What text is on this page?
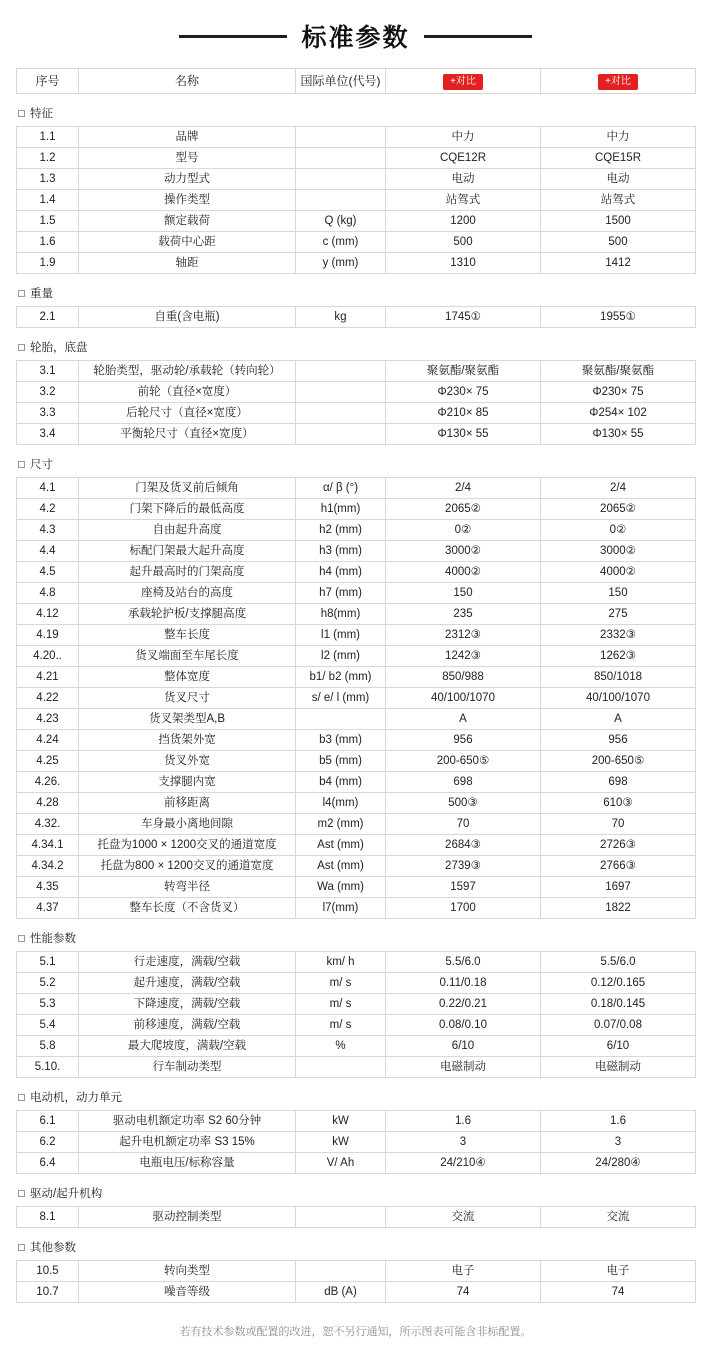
标准参数
序号	名称	国际单位(代号)	+对比	+对比
特征
1.1	品牌		中力	中力
1.2	型号		CQE12R	CQE15R
1.3	动力型式		电动	电动
1.4	操作类型		站驾式	站驾式
1.5	额定载荷	Q (kg)	1200	1500
1.6	载荷中心距	c (mm)	500	500
1.9	轴距	y (mm)	1310	1412
重量
2.1	自重(含电瓶)	kg	1745①	1955①
轮胎，底盘
3.1	轮胎类型，驱动轮/承载轮（转向轮）		聚氨酯/聚氨酯	聚氨酯/聚氨酯
3.2	前轮（直径×宽度）		Φ230× 75	Φ230× 75
3.3	后轮尺寸（直径×宽度）		Φ210× 85	Φ254× 102
3.4	平衡轮尺寸（直径×宽度）		Φ130× 55	Φ130× 55
尺寸
4.1	门架及货叉前后倾角	α/ β (°)	2/4	2/4
4.2	门架下降后的最低高度	h1(mm)	2065②	2065②
4.3	自由起升高度	h2 (mm)	0②	0②
4.4	标配门架最大起升高度	h3 (mm)	3000②	3000②
4.5	起升最高时的门架高度	h4 (mm)	4000②	4000②
4.8	座椅及站台的高度	h7 (mm)	150	150
4.12	承载轮护板/支撑腿高度	h8(mm)	235	275
4.19	整车长度	l1 (mm)	2312③	2332③
4.20..	货叉端面至车尾长度	l2 (mm)	1242③	1262③
4.21	整体宽度	b1/ b2 (mm)	850/988	850/1018
4.22	货叉尺寸	s/ e/ l (mm)	40/100/1070	40/100/1070
4.23	货叉架类型A,B		A	A
4.24	挡货架外宽	b3 (mm)	956	956
4.25	货叉外宽	b5 (mm)	200-650⑤	200-650⑤
4.26.	支撑腿内宽	b4 (mm)	698	698
4.28	前移距离	l4(mm)	500③	610③
4.32.	车身最小离地间隙	m2 (mm)	70	70
4.34.1	托盘为1000 × 1200交叉的通道宽度	Ast (mm)	2684③	2726③
4.34.2	托盘为800 × 1200交叉的通道宽度	Ast (mm)	2739③	2766③
4.35	转弯半径	Wa (mm)	1597	1697
4.37	整车长度（不含货叉）	l7(mm)	1700	1822
性能参数
5.1	行走速度，满载/空载	km/ h	5.5/6.0	5.5/6.0
5.2	起升速度，满载/空载	m/ s	0.11/0.18	0.12/0.165
5.3	下降速度，满载/空载	m/ s	0.22/0.21	0.18/0.145
5.4	前移速度，满载/空载	m/ s	0.08/0.10	0.07/0.08
5.8	最大爬坡度，满载/空载	%	6/10	6/10
5.10.	行车制动类型		电磁制动	电磁制动
电动机，动力单元
6.1	驱动电机额定功率 S2 60分钟	kW	1.6	1.6
6.2	起升电机额定功率 S3 15%	kW	3	3
6.4	电瓶电压/标称容量	V/ Ah	24/210④	24/280④
驱动/起升机构
8.1	驱动控制类型		交流	交流
其他参数
10.5	转向类型		电子	电子
10.7	噪音等级	dB (A)	74	74
若有技术参数或配置的改进，恕不另行通知，所示图表可能含非标配置。
